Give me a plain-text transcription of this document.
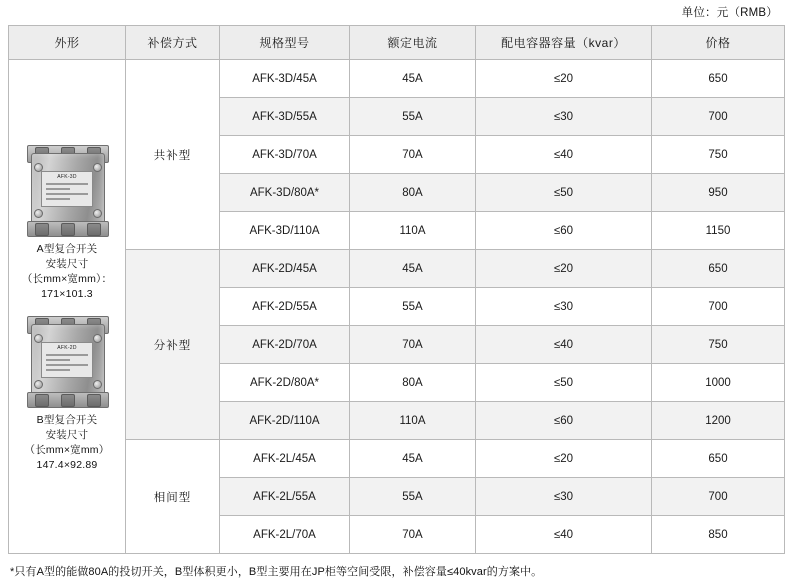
单位：元（RMB）
外形	补偿方式	规格型号	额定电流	配电容器容量（kvar）	价格

AFK-3D
A型复合开关
安装尺寸
（长mm×宽mm）：
171×101.3
AFK-2D
B型复合开关
安装尺寸
（长mm×宽mm）
147.4×92.89
	共补型	AFK-3D/45A	45A	≤20	650
		AFK-3D/55A	55A	≤30	700
		AFK-3D/70A	70A	≤40	750
		AFK-3D/80A*	80A	≤50	950
		AFK-3D/110A	110A	≤60	1150
	分补型	AFK-2D/45A	45A	≤20	650
		AFK-2D/55A	55A	≤30	700
		AFK-2D/70A	70A	≤40	750
		AFK-2D/80A*	80A	≤50	1000
		AFK-2D/110A	110A	≤60	1200
	相间型	AFK-2L/45A	45A	≤20	650
		AFK-2L/55A	55A	≤30	700
		AFK-2L/70A	70A	≤40	850
*只有A型的能做80A的投切开关，B型体积更小，B型主要用在JP柜等空间受限，补偿容量≤40kvar的方案中。
